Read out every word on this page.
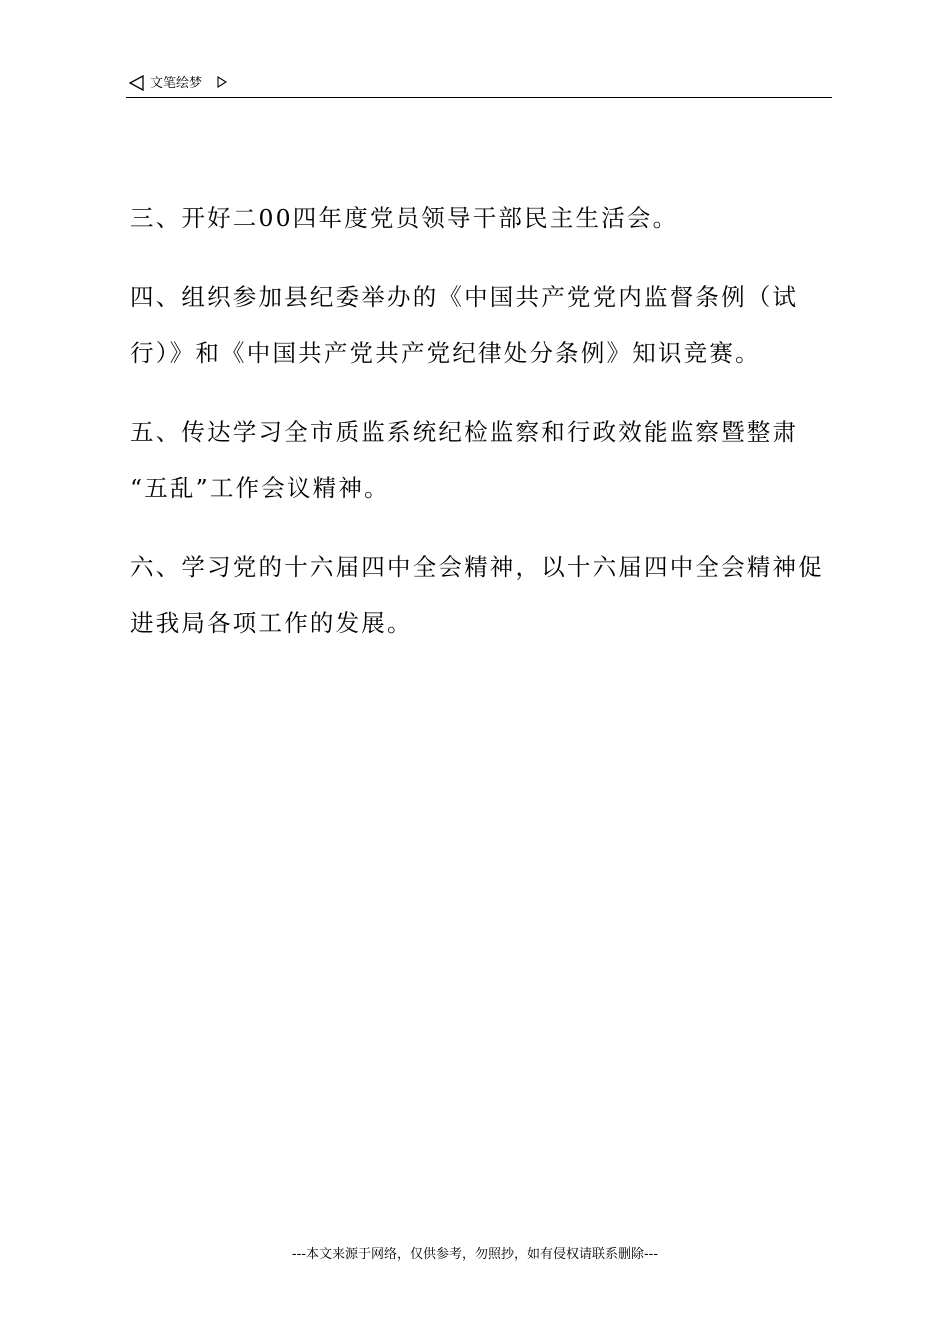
文笔绘梦

三、开好二00四年度党员领导干部民主生活会。

四、组织参加县纪委举办的《中国共产党党内监督条例（试
行）》和《中国共产党共产党纪律处分条例》知识竞赛。

五、传达学习全市质监系统纪检监察和行政效能监察暨整肃
“五乱”工作会议精神。

六、学习党的十六届四中全会精神，以十六届四中全会精神促
进我局各项工作的发展。

---本文来源于网络，仅供参考，勿照抄，如有侵权请联系删除---
